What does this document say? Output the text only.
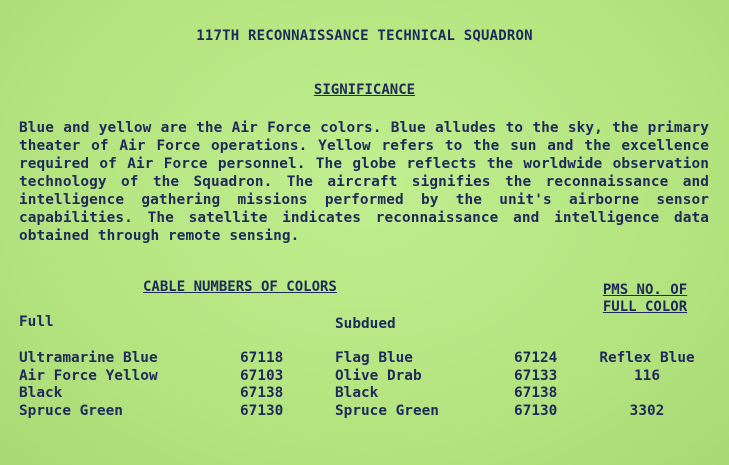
117TH RECONNAISSANCE TECHNICAL SQUADRON
SIGNIFICANCE
Blue and yellow are the Air Force colors. Blue alludes to the sky, the primary theater of Air Force operations. Yellow refers to the sun and the excellence required of Air Force personnel. The globe reflects the worldwide observation technology of the Squadron. The aircraft signifies the reconnaissance and intelligence gathering missions performed by the unit's airborne sensor capabilities. The satellite indicates reconnaissance and intelligence data obtained through remote sensing.
CABLE NUMBERS OF COLORS	PMS NO. OF FULL COLOR
Full	Subdued
Ultramarine Blue	67118	Flag Blue	67124	Reflex Blue
Air Force Yellow	67103	Olive Drab	67133	116
Black	67138	Black	67138
Spruce Green	67130	Spruce Green	67130	3302
